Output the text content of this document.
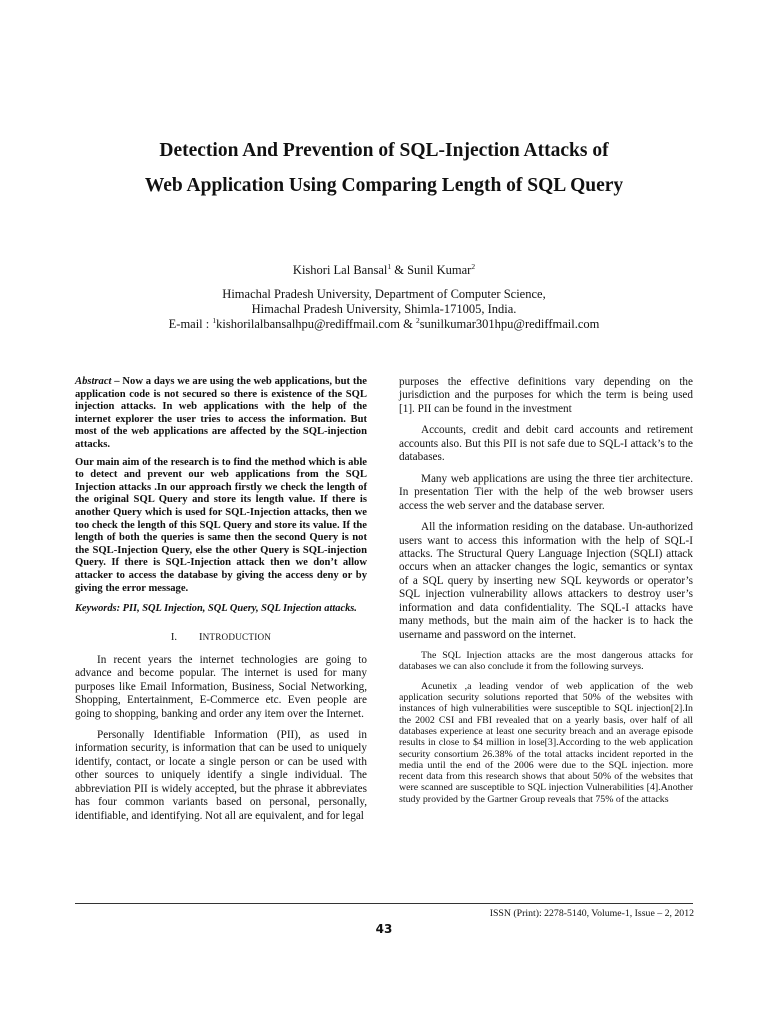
Detection And Prevention of SQL-Injection Attacks of
Web Application Using Comparing Length of SQL Query
Kishori Lal Bansal$^1$ & Sunil Kumar$^2$
Himachal Pradesh University, Department of Computer Science,
Himachal Pradesh University, Shimla-171005, India.
E-mail : $^1$kishorilalbansalhpu@rediffmail.com & $^2$sunilkumar301hpu@rediffmail.com

Abstract – Now a days we are using the web applications, but the application code is not secured so there is existence of the SQL injection attacks. In web applications with the help of the internet explorer the user tries to access the information. But most of the web applications are affected by the SQL-injection attacks.

Our main aim of the research is to find the method which is able to detect and prevent our web applications from the SQL Injection attacks .In our approach firstly we check the length of the original SQL Query and store its length value. If there is another Query which is used for SQL-Injection attacks, then we too check the length of this SQL Query and store its value. If the length of both the queries is same then the second Query is not the SQL-Injection Query, else the other Query is SQL-injection Query. If there is SQL-Injection attack then we don’t allow attacker to access the database by giving the access deny or by giving the error message.

Keywords: PII, SQL Injection, SQL Query, SQL Injection attacks.

I. INTRODUCTION

In recent years the internet technologies are going to advance and become popular. The internet is used for many purposes like Email Information, Business, Social Networking, Shopping, Entertainment, E-Commerce etc. Even people are going to shopping, banking and order any item over the Internet.

Personally Identifiable Information (PII), as used in information security, is information that can be used to uniquely identify, contact, or locate a single person or can be used with other sources to uniquely identify a single individual. The abbreviation PII is widely accepted, but the phrase it abbreviates has four common variants based on personal, personally, identifiable, and identifying. Not all are equivalent, and for legal

purposes the effective definitions vary depending on the jurisdiction and the purposes for which the term is being used [1]. PII can be found in the investment

Accounts, credit and debit card accounts and retirement accounts also. But this PII is not safe due to SQL-I attack’s to the databases.

Many web applications are using the three tier architecture. In presentation Tier with the help of the web browser users access the web server and the database server.

All the information residing on the database. Un-authorized users want to access this information with the help of SQL-I attacks. The Structural Query Language Injection (SQLI) attack occurs when an attacker changes the logic, semantics or syntax of a SQL query by inserting new SQL keywords or operator’s SQL injection vulnerability allows attackers to destroy user’s information and data confidentiality. The SQL-I attacks have many methods, but the main aim of the hacker is to hack the username and password on the internet.

The SQL Injection attacks are the most dangerous attacks for databases we can also conclude it from the following surveys.

Acunetix ,a leading vendor of web application of the web application security solutions reported that 50% of the websites with instances of high vulnerabilities were susceptible to SQL injection[2].In the 2002 CSI and FBI revealed that on a yearly basis, over half of all databases experience at least one security breach and an average episode results in close to $4 million in lose[3].According to the web application security consortium 26.38% of the total attacks incident reported in the media until the end of the 2006 were due to the SQL injection. more recent data from this research shows that about 50% of the websites that were scanned are susceptible to SQL injection Vulnerabilities [4].Another study provided by the Gartner Group reveals that 75% of the attacks

ISSN (Print): 2278-5140, Volume-1, Issue – 2, 2012
43
